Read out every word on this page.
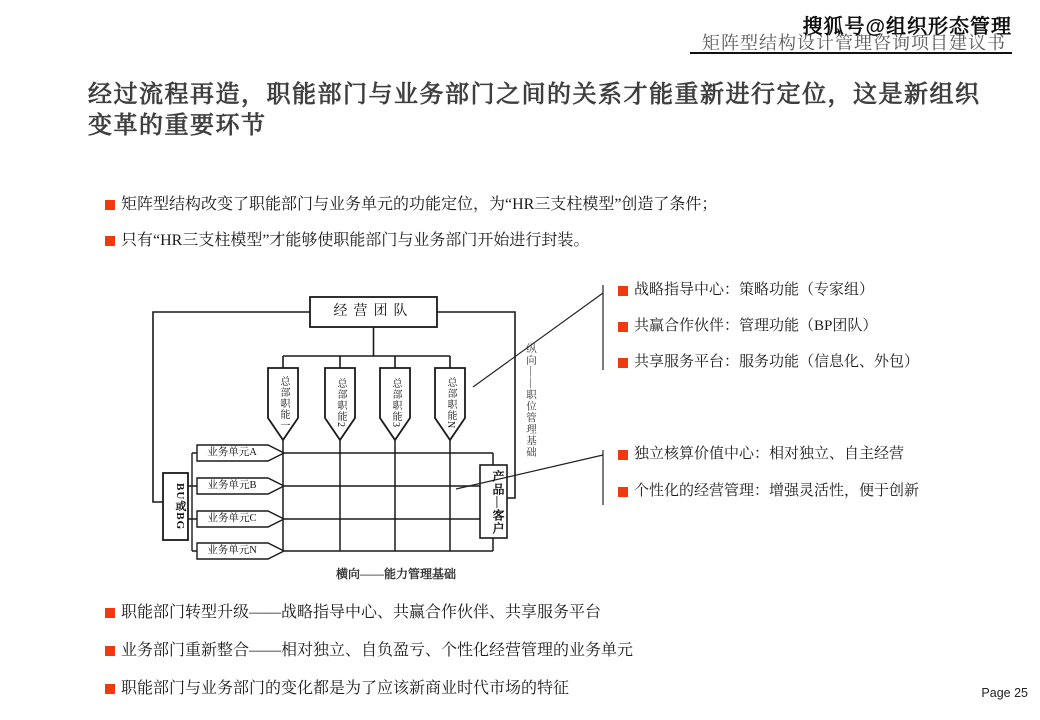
搜狐号@组织形态管理
矩阵型结构设计管理咨询项目建议书
经过流程再造，职能部门与业务部门之间的关系才能重新进行定位，这是新组织变革的重要环节
矩阵型结构改变了职能部门与业务单元的功能定位，为“HR三支柱模型”创造了条件；
只有“HR三支柱模型”才能够使职能部门与业务部门开始进行封装。
经营团队
总部职能一	总部职能2	总部职能3	总部职能N
BU或BG
业务单元A
业务单元B
业务单元C
业务单元N
产品—客户
横向——能力管理基础
纵向——职位管理基础
战略指导中心：策略功能（专家组）
共赢合作伙伴：管理功能（BP团队）
共享服务平台：服务功能（信息化、外包）
独立核算价值中心：相对独立、自主经营
个性化的经营管理：增强灵活性，便于创新
职能部门转型升级——战略指导中心、共赢合作伙伴、共享服务平台
业务部门重新整合——相对独立、自负盈亏、个性化经营管理的业务单元
职能部门与业务部门的变化都是为了应该新商业时代市场的特征	Page 25
